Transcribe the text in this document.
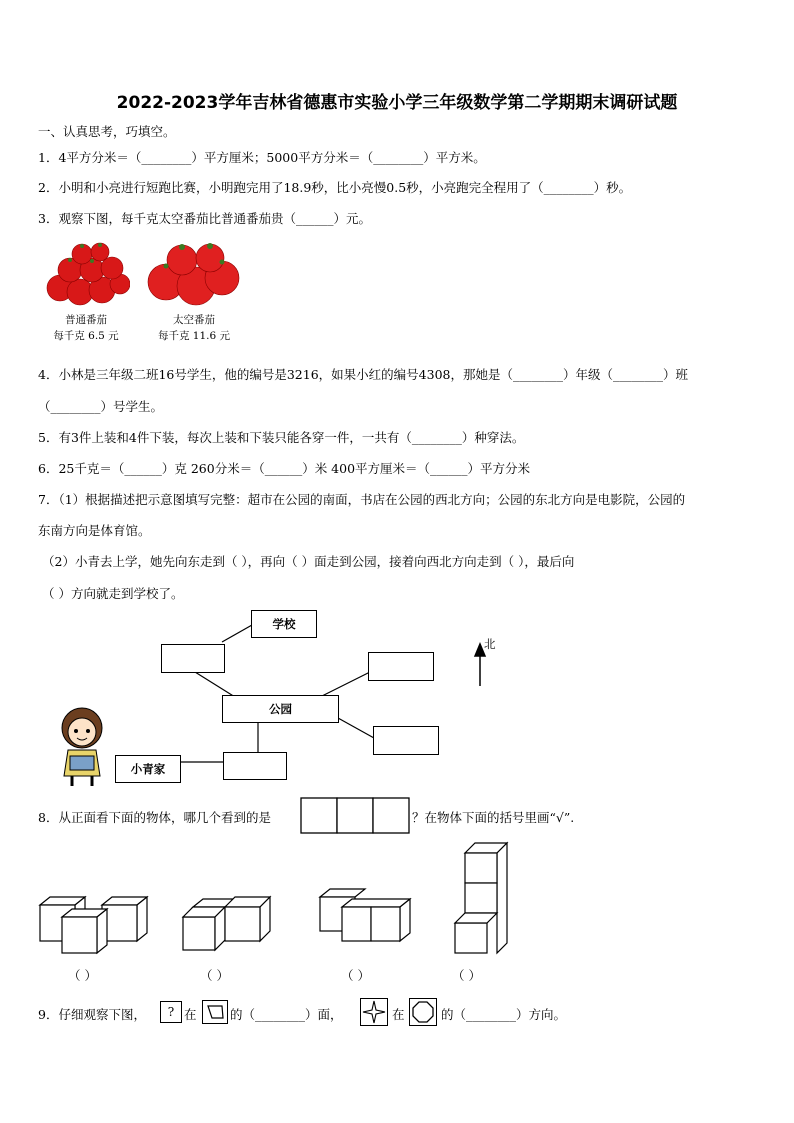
2022-2023学年吉林省德惠市实验小学三年级数学第二学期期末调研试题
一、认真思考，巧填空。
1．4平方分米＝（________）平方厘米；5000平方分米＝（________）平方米。
2．小明和小亮进行短跑比赛，小明跑完用了18.9秒，比小亮慢0.5秒，小亮跑完全程用了（________）秒。
3．观察下图，每千克太空番茄比普通番茄贵（______）元。
普通番茄
每千克 6.5 元
太空番茄
每千克 11.6 元
4．小林是三年级二班16号学生，他的编号是3216，如果小红的编号4308，那她是（________）年级（________）班
（________）号学生。
5．有3件上装和4件下装，每次上装和下装只能各穿一件，一共有（________）种穿法。
6．25千克＝（______）克 260分米＝（______）米 400平方厘米＝（______）平方分米
7．（1）根据描述把示意图填写完整：超市在公园的南面，书店在公园的西北方向；公园的东北方向是电影院，公园的
东南方向是体育馆。
（2）小青去上学，她先向东走到（ ），再向（ ）面走到公园，接着向西北方向走到（ ），最后向
（ ）方向就走到学校了。
学校
公园
小青家
北
8．从正面看下面的物体，哪几个看到的是	？在物体下面的括号里画“√”.
（ ）	（ ）	（ ）	（ ）
9．仔细观察下图，	? 在	的（________）面，	在	的（________）方向。
